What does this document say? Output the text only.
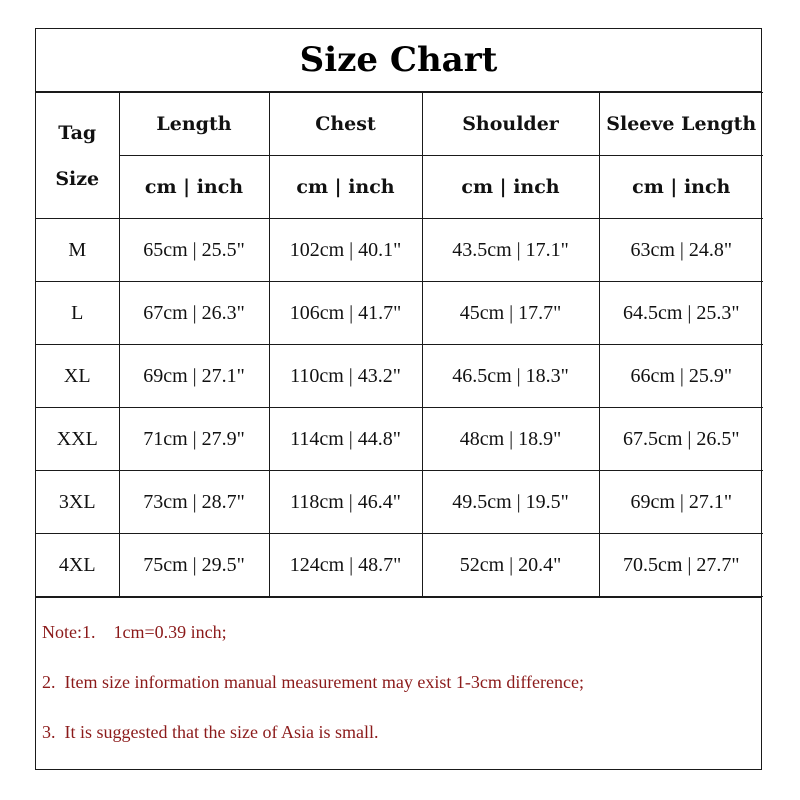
Size Chart
Tag
Size	Length	Chest	Shoulder	Sleeve Length
	cm | inch	cm | inch	cm | inch	cm | inch
M	65cm | 25.5"	102cm | 40.1"	43.5cm | 17.1"	63cm | 24.8"
L	67cm | 26.3"	106cm | 41.7"	45cm | 17.7"	64.5cm | 25.3"
XL	69cm | 27.1"	110cm | 43.2"	46.5cm | 18.3"	66cm | 25.9"
XXL	71cm | 27.9"	114cm | 44.8"	48cm | 18.9"	67.5cm | 26.5"
3XL	73cm | 28.7"	118cm | 46.4"	49.5cm | 19.5"	69cm | 27.1"
4XL	75cm | 29.5"	124cm | 48.7"	52cm | 20.4"	70.5cm | 27.7"
Note:1.    1cm=0.39 inch;
2.  Item size information manual measurement may exist 1-3cm difference;
3.  It is suggested that the size of Asia is small.
